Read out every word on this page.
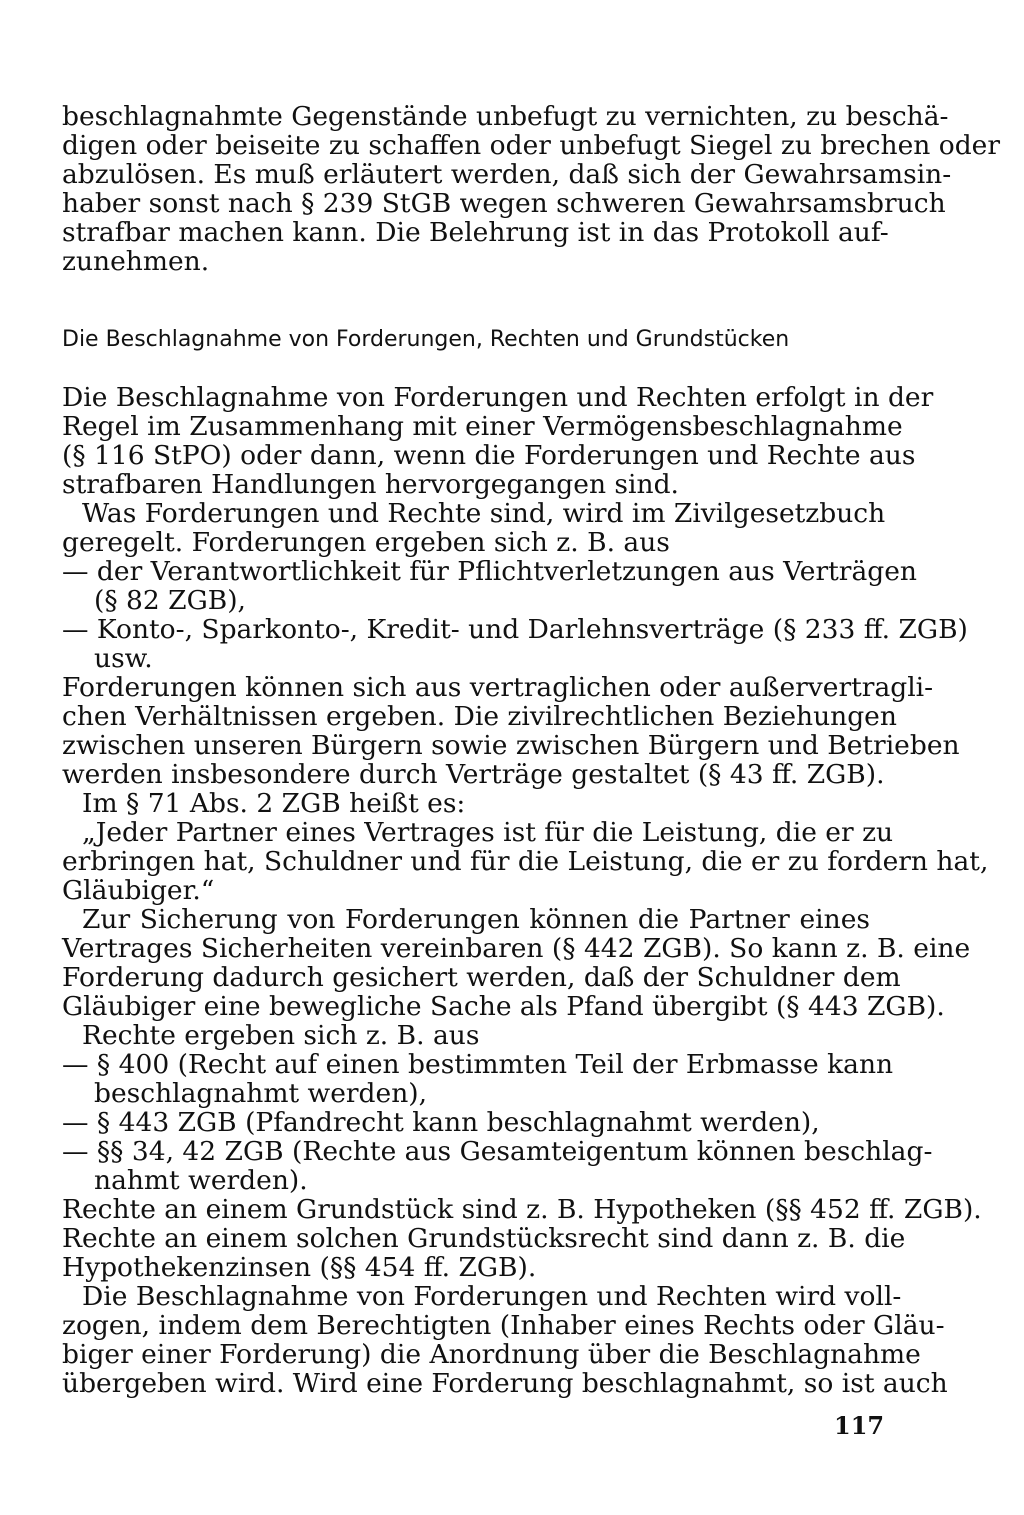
beschlagnahmte Gegenstände unbefugt zu vernichten, zu beschä-
digen oder beiseite zu schaffen oder unbefugt Siegel zu brechen oder
abzulösen. Es muß erläutert werden, daß sich der Gewahrsamsin-
haber sonst nach § 239 StGB wegen schweren Gewahrsamsbruch
strafbar machen kann. Die Belehrung ist in das Protokoll auf-
zunehmen.
Die Beschlagnahme von Forderungen, Rechten und Grundstücken
Die Beschlagnahme von Forderungen und Rechten erfolgt in der
Regel im Zusammenhang mit einer Vermögensbeschlagnahme
(§ 116 StPO) oder dann, wenn die Forderungen und Rechte aus
strafbaren Handlungen hervorgegangen sind.
Was Forderungen und Rechte sind, wird im Zivilgesetzbuch
geregelt. Forderungen ergeben sich z. B. aus
— der Verantwortlichkeit für Pflichtverletzungen aus Verträgen
(§ 82 ZGB),
— Konto-, Sparkonto-, Kredit- und Darlehnsverträge (§ 233 ff. ZGB)
usw.
Forderungen können sich aus vertraglichen oder außervertragli-
chen Verhältnissen ergeben. Die zivilrechtlichen Beziehungen
zwischen unseren Bürgern sowie zwischen Bürgern und Betrieben
werden insbesondere durch Verträge gestaltet (§ 43 ff. ZGB).
Im § 71 Abs. 2 ZGB heißt es:
„Jeder Partner eines Vertrages ist für die Leistung, die er zu
erbringen hat, Schuldner und für die Leistung, die er zu fordern hat,
Gläubiger.“
Zur Sicherung von Forderungen können die Partner eines
Vertrages Sicherheiten vereinbaren (§ 442 ZGB). So kann z. B. eine
Forderung dadurch gesichert werden, daß der Schuldner dem
Gläubiger eine bewegliche Sache als Pfand übergibt (§ 443 ZGB).
Rechte ergeben sich z. B. aus
— § 400 (Recht auf einen bestimmten Teil der Erbmasse kann
beschlagnahmt werden),
— § 443 ZGB (Pfandrecht kann beschlagnahmt werden),
— §§ 34, 42 ZGB (Rechte aus Gesamteigentum können beschlag-
nahmt werden).
Rechte an einem Grundstück sind z. B. Hypotheken (§§ 452 ff. ZGB).
Rechte an einem solchen Grundstücksrecht sind dann z. B. die
Hypothekenzinsen (§§ 454 ff. ZGB).
Die Beschlagnahme von Forderungen und Rechten wird voll-
zogen, indem dem Berechtigten (Inhaber eines Rechts oder Gläu-
biger einer Forderung) die Anordnung über die Beschlagnahme
übergeben wird. Wird eine Forderung beschlagnahmt, so ist auch
117
